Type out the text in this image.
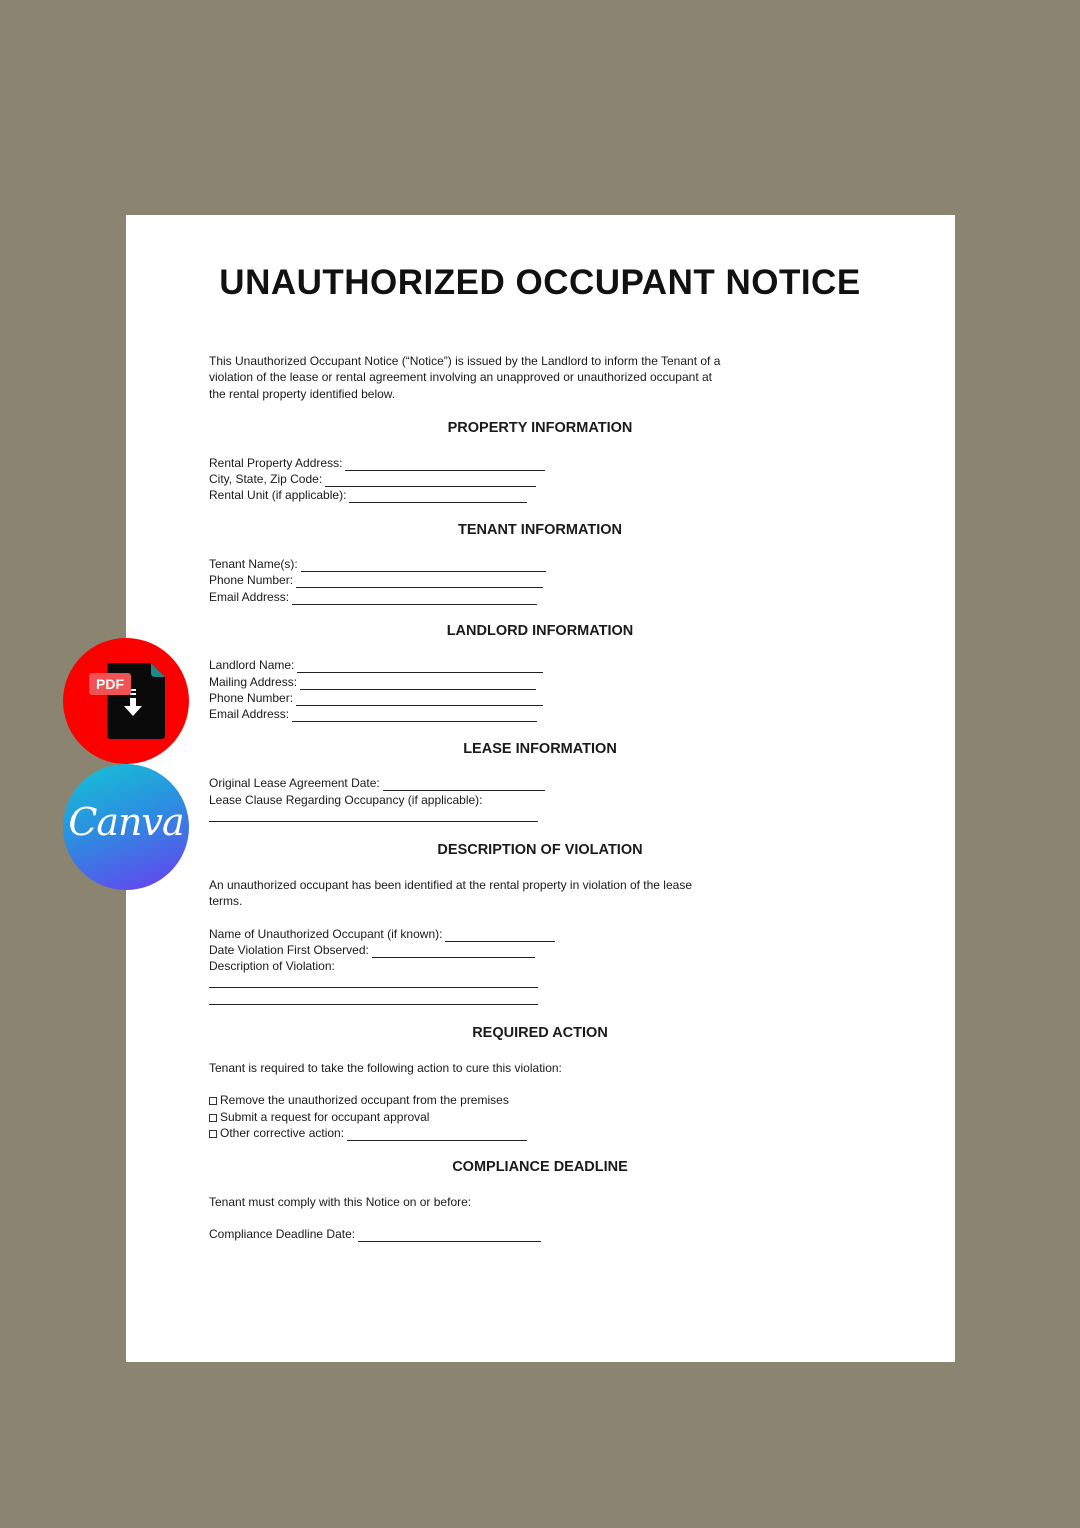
UNAUTHORIZED OCCUPANT NOTICE
This Unauthorized Occupant Notice (“Notice”) is issued by the Landlord to inform the Tenant of a
violation of the lease or rental agreement involving an unapproved or unauthorized occupant at
the rental property identified below.
PROPERTY INFORMATION
Rental Property Address:
City, State, Zip Code:
Rental Unit (if applicable):
TENANT INFORMATION
Tenant Name(s):
Phone Number:
Email Address:
LANDLORD INFORMATION
Landlord Name:
Mailing Address:
Phone Number:
Email Address:
LEASE INFORMATION
Original Lease Agreement Date:
Lease Clause Regarding Occupancy (if applicable):
DESCRIPTION OF VIOLATION
An unauthorized occupant has been identified at the rental property in violation of the lease
terms.
Name of Unauthorized Occupant (if known):
Date Violation First Observed:
Description of Violation:
REQUIRED ACTION
Tenant is required to take the following action to cure this violation:
Remove the unauthorized occupant from the premises
Submit a request for occupant approval
Other corrective action:
COMPLIANCE DEADLINE
Tenant must comply with this Notice on or before:
Compliance Deadline Date:
PDF
Canva
